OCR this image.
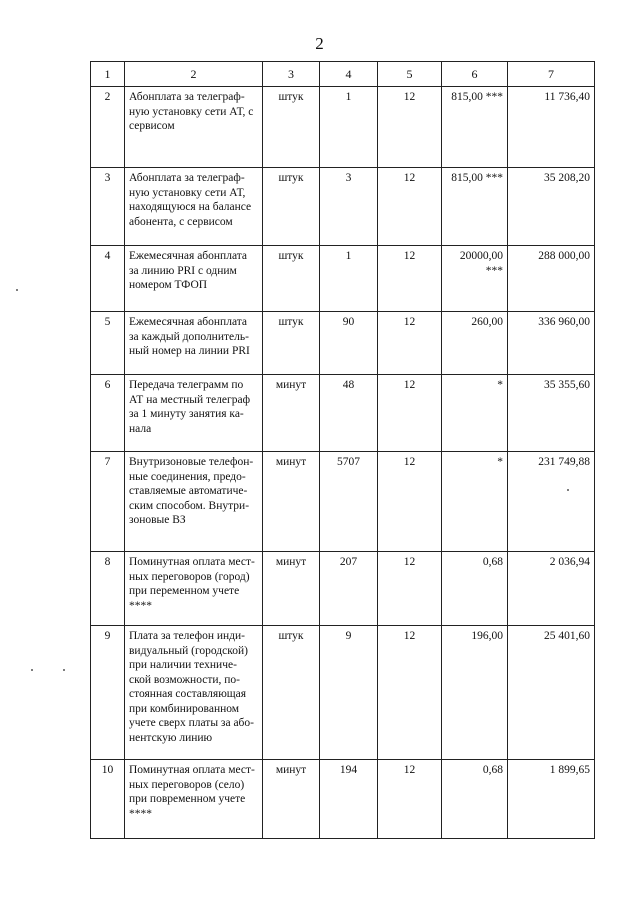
2
1	2	3	4	5	6	7
2	Абонплата за телеграф-ную установку сети АТ, с сервисом	штук	1	12	815,00 ***	11 736,40
3	Абонплата за телеграф-ную установку сети АТ, находящуюся на балансе абонента, с сервисом	штук	3	12	815,00 ***	35 208,20
4	Ежемесячная абонплата за линию PRI с одним номером ТФОП	штук	1	12	20000,00 ***	288 000,00
5	Ежемесячная абонплата за каждый дополнитель-ный номер на линии PRI	штук	90	12	260,00	336 960,00
6	Передача телеграмм по АТ на местный телеграф за 1 минуту занятия ка-нала	минут	48	12	*	35 355,60
7	Внутризоновые телефон-ные соединения, предо-ставляемые автоматиче-ским способом. Внутри-зоновые ВЗ	минут	5707	12	*	231 749,88
8	Поминутная оплата мест-ных переговоров (город) при переменном учете ****	минут	207	12	0,68	2 036,94
9	Плата за телефон инди-видуальный (городской) при наличии техниче-ской возможности, по-стоянная составляющая при комбинированном учете сверх платы за або-нентскую линию	штук	9	12	196,00	25 401,60
10	Поминутная оплата мест-ных переговоров (село) при повременном учете ****	минут	194	12	0,68	1 899,65
